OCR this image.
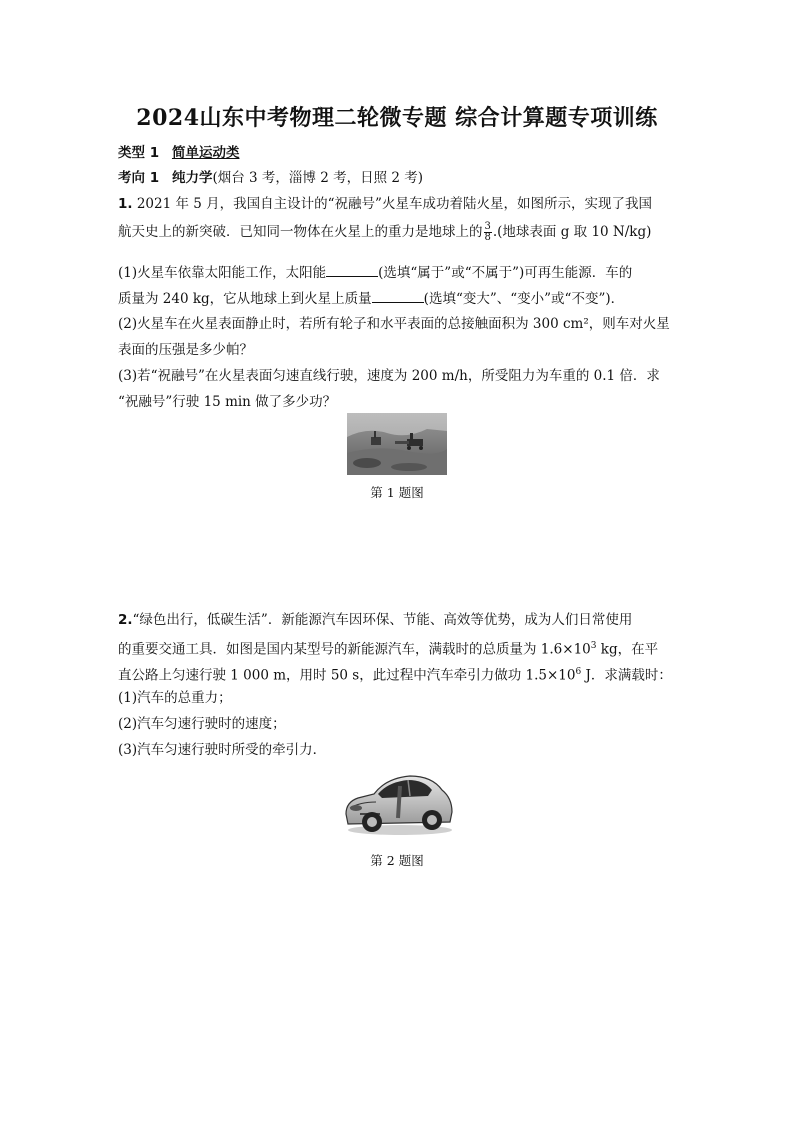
2024山东中考物理二轮微专题 综合计算题专项训练
类型 1 简单运动类
考向 1 纯力学(烟台 3 考，淄博 2 考，日照 2 考)
1. 2021 年 5 月，我国自主设计的“祝融号”火星车成功着陆火星，如图所示，实现了我国
航天史上的新突破．已知同一物体在火星上的重力是地球上的 $\frac{3}{8}$ .(地球表面 g 取 10 N/kg)
(1)火星车依靠太阳能工作，太阳能	(选填“属于”或“不属于”)可再生能源．车的
质量为 240 kg，它从地球上到火星上质量	(选填“变大”、“变小”或“不变”)．
(2)火星车在火星表面静止时，若所有轮子和水平表面的总接触面积为 300 cm²，则车对火星
表面的压强是多少帕？
(3)若“祝融号”在火星表面匀速直线行驶，速度为 200 m/h，所受阻力为车重的 0.1 倍．求
“祝融号”行驶 15 min 做了多少功？
第 1 题图
2.“绿色出行，低碳生活”．新能源汽车因环保、节能、高效等优势，成为人们日常使用
的重要交通工具．如图是国内某型号的新能源汽车，满载时的总质量为 $1.6\times 10^3$ kg，在平
直公路上匀速行驶 1 000 m，用时 50 s，此过程中汽车牵引力做功 $1.5\times 10^6$ J．求满载时：
(1)汽车的总重力；
(2)汽车匀速行驶时的速度；
(3)汽车匀速行驶时所受的牵引力．
第 2 题图
